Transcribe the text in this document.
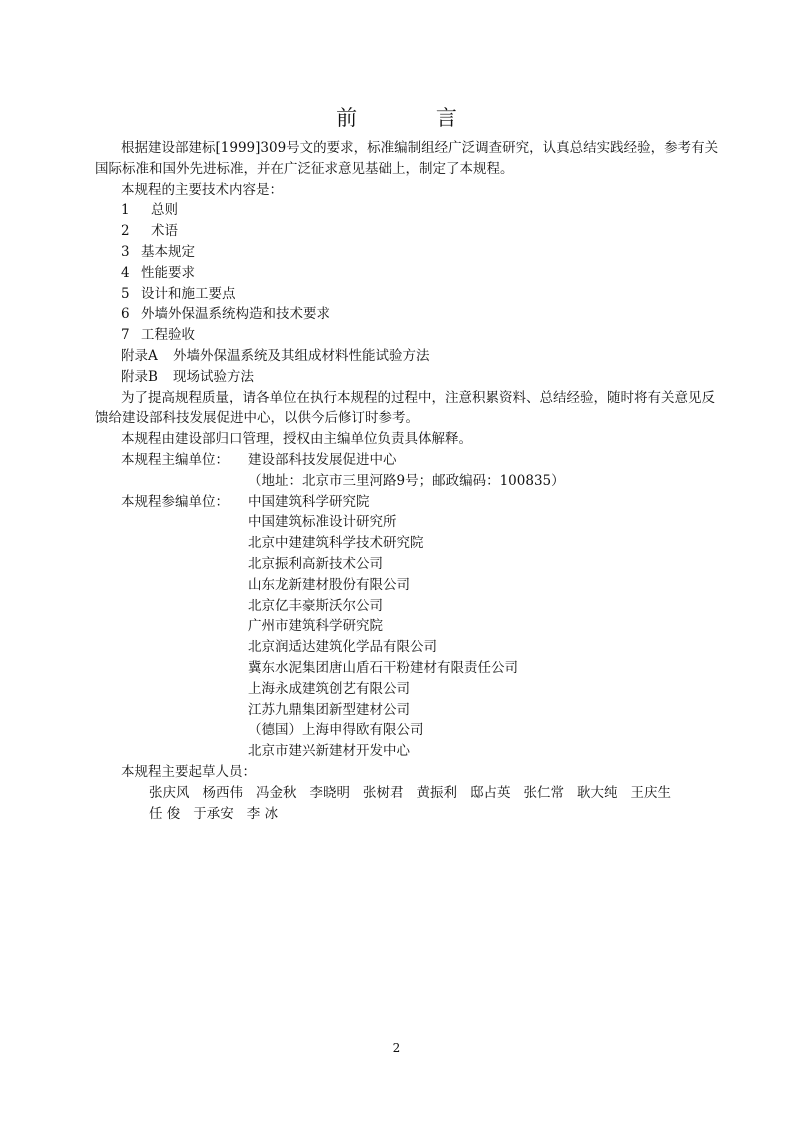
前 言

根据建设部建标[1999]309号文的要求，标准编制组经广泛调查研究，认真总结实践经验，参考有关国际标准和国外先进标准，并在广泛征求意见基础上，制定了本规程。

本规程的主要技术内容是：
1	总则
2	术语
3 基本规定
4 性能要求
5 设计和施工要点
6 外墙外保温系统构造和技术要求
7 工程验收
附录A	外墙外保温系统及其组成材料性能试验方法
附录B	现场试验方法

为了提高规程质量，请各单位在执行本规程的过程中，注意积累资料、总结经验，随时将有关意见反馈给建设部科技发展促进中心，以供今后修订时参考。

本规程由建设部归口管理，授权由主编单位负责具体解释。
本规程主编单位：	建设部科技发展促进中心
（地址：北京市三里河路9号；邮政编码：100835）
本规程参编单位：	中国建筑科学研究院
中国建筑标准设计研究所
北京中建建筑科学技术研究院
北京振利高新技术公司
山东龙新建材股份有限公司
北京亿丰豪斯沃尔公司
广州市建筑科学研究院
北京润适达建筑化学品有限公司
冀东水泥集团唐山盾石干粉建材有限责任公司
上海永成建筑创艺有限公司
江苏九鼎集团新型建材公司
（德国）上海申得欧有限公司
北京市建兴新建材开发中心
本规程主要起草人员：
张庆风 杨西伟 冯金秋 李晓明 张树君 黄振利 邸占英 张仁常 耿大纯 王庆生
任 俊 于承安 李 冰
2
